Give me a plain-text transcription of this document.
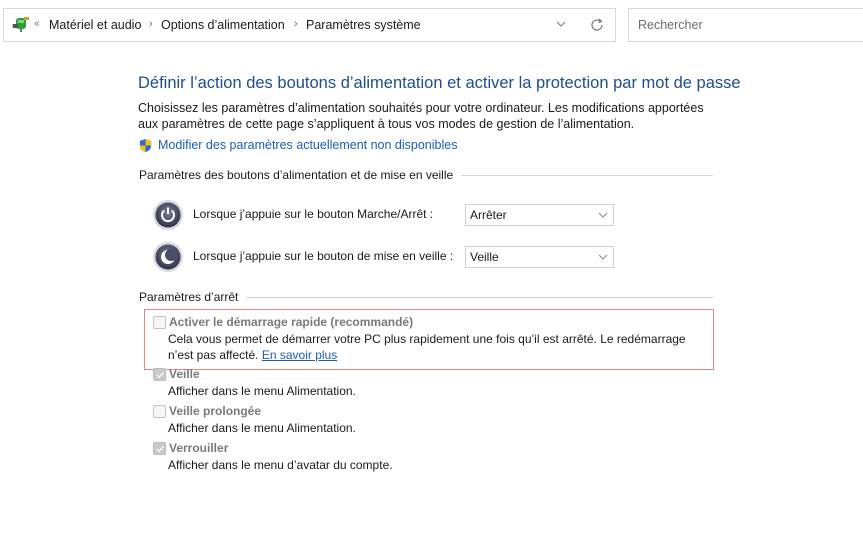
« Matériel et audio › Options d’alimentation › Paramètres système
Rechercher
Définir l’action des boutons d’alimentation et activer la protection par mot de passe

Choisissez les paramètres d’alimentation souhaités pour votre ordinateur. Les modifications apportées aux paramètres de cette page s’appliquent à tous vos modes de gestion de l’alimentation.

Modifier des paramètres actuellement non disponibles
Paramètres des boutons d’alimentation et de mise en veille
Lorsque j’appuie sur le bouton Marche/Arrêt :	Arrêter
Lorsque j’appuie sur le bouton de mise en veille :	Veille
Paramètres d’arrêt
Activer le démarrage rapide (recommandé)
Cela vous permet de démarrer votre PC plus rapidement une fois qu’il est arrêté. Le redémarrage n’est pas affecté. En savoir plus
Veille
Afficher dans le menu Alimentation.
Veille prolongée
Afficher dans le menu Alimentation.
Verrouiller
Afficher dans le menu d’avatar du compte.
